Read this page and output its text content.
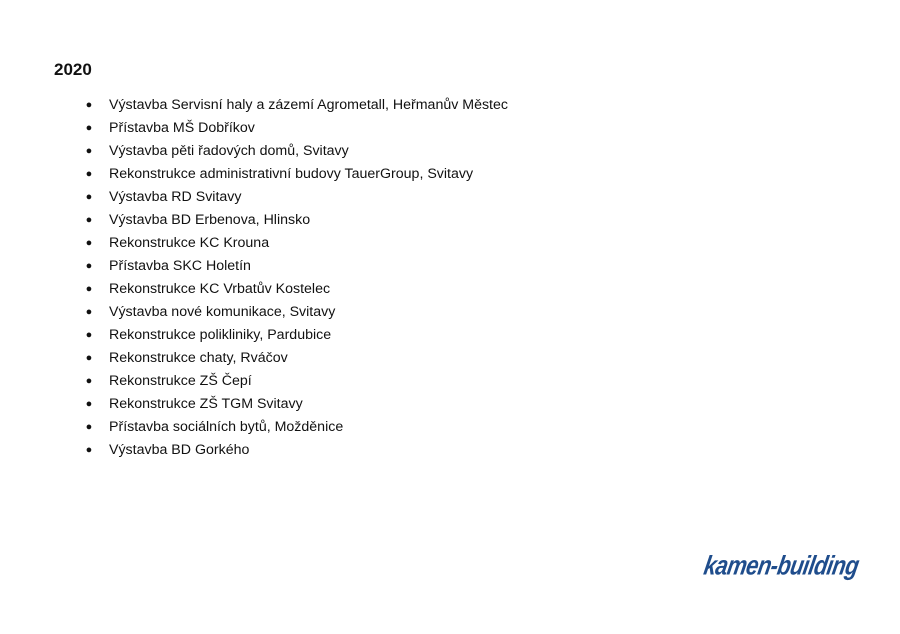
2020
● Výstavba Servisní haly a zázemí Agrometall, Heřmanův Městec
● Přístavba MŠ Dobříkov
● Výstavba pěti řadových domů, Svitavy
● Rekonstrukce administrativní budovy TauerGroup, Svitavy
● Výstavba RD Svitavy
● Výstavba BD Erbenova, Hlinsko
● Rekonstrukce KC Krouna
● Přístavba SKC Holetín
● Rekonstrukce KC Vrbatův Kostelec
● Výstavba nové komunikace, Svitavy
● Rekonstrukce polikliniky, Pardubice
● Rekonstrukce chaty, Rváčov
● Rekonstrukce ZŠ Čepí
● Rekonstrukce ZŠ TGM Svitavy
● Přístavba sociálních bytů, Možděnice
● Výstavba BD Gorkého
kamen-building
